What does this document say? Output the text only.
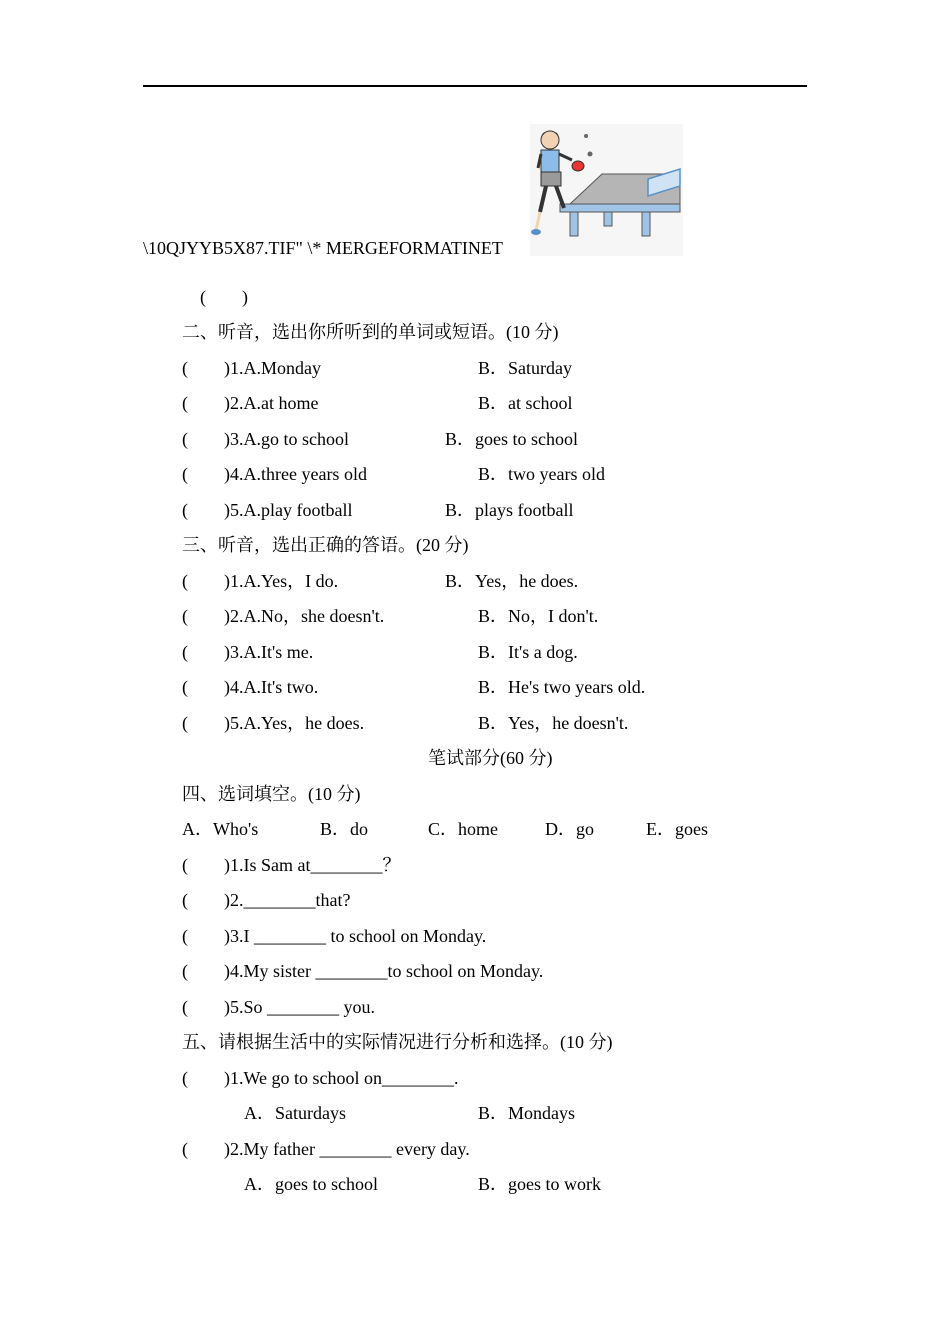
\10QJYYB5X87.TIF" \* MERGEFORMATINET
(        )
二、听音，选出你所听到的单词或短语。(10 分)
(        )1.A.Monday	B．Saturday
(        )2.A.at home	B．at school
(        )3.A.go to school	B．goes to school
(        )4.A.three years old	B．two years old
(        )5.A.play football	B．plays football
三、听音，选出正确的答语。(20 分)
(        )1.A.Yes，I do.	B．Yes，he does.
(        )2.A.No，she doesn't.	B．No，I don't.
(        )3.A.It's me.	B．It's a dog.
(        )4.A.It's two.	B．He's two years old.
(        )5.A.Yes，he does.	B．Yes，he doesn't.
笔试部分(60 分)
四、选词填空。(10 分)
A．Who's	B．do	C．home	D．go	E．goes
(        )1.Is Sam at________？
(        )2.________that?
(        )3.I ________ to school on Monday.
(        )4.My sister ________to school on Monday.
(        )5.So ________ you.
五、请根据生活中的实际情况进行分析和选择。(10 分)
(        )1.We go to school on________.
A．Saturdays	B．Mondays
(        )2.My father ________ every day.
A．goes to school	B．goes to work
